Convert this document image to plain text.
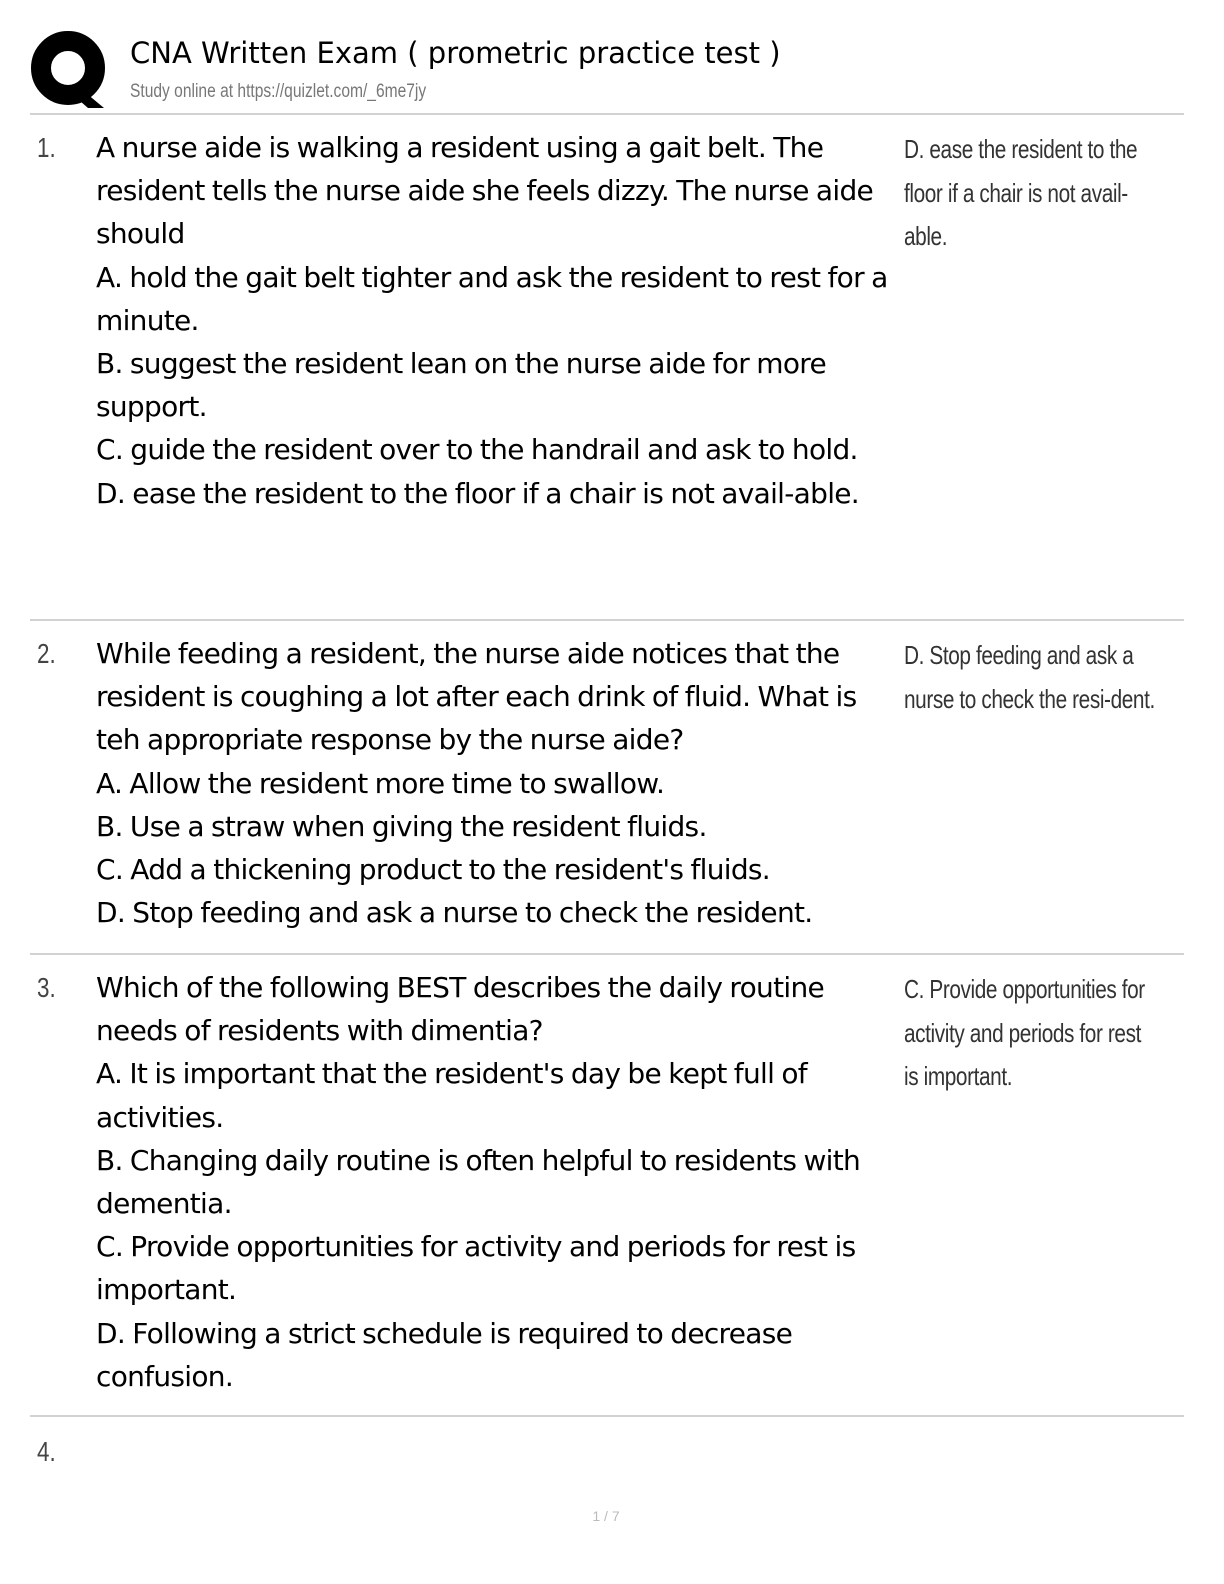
CNA Written Exam ( prometric practice test )
Study online at https://quizlet.com/_6me7jy
1. A nurse aide is walking a resident using a gait belt. The resident tells the nurse aide she feels dizzy. The nurse aide should

A. hold the gait belt tighter and ask the resident to rest for a minute.

B. suggest the resident lean on the nurse aide for more support.

C. guide the resident over to the handrail and ask to hold.

D. ease the resident to the floor if a chair is not avail-able.

D. ease the resident to the floor if a chair is not avail-able.
2. While feeding a resident, the nurse aide notices that the resident is coughing a lot after each drink of fluid. What is teh appropriate response by the nurse aide?

A. Allow the resident more time to swallow.

B. Use a straw when giving the resident fluids.

C. Add a thickening product to the resident's fluids.

D. Stop feeding and ask a nurse to check the resident.

D. Stop feeding and ask a nurse to check the resi-dent.
3. Which of the following BEST describes the daily routine needs of residents with dimentia?

A. It is important that the resident's day be kept full of activities.

B. Changing daily routine is often helpful to residents with dementia.

C. Provide opportunities for activity and periods for rest is important.

D. Following a strict schedule is required to decrease confusion.

C. Provide opportunities for activity and periods for rest is important.
4.
1 / 7
